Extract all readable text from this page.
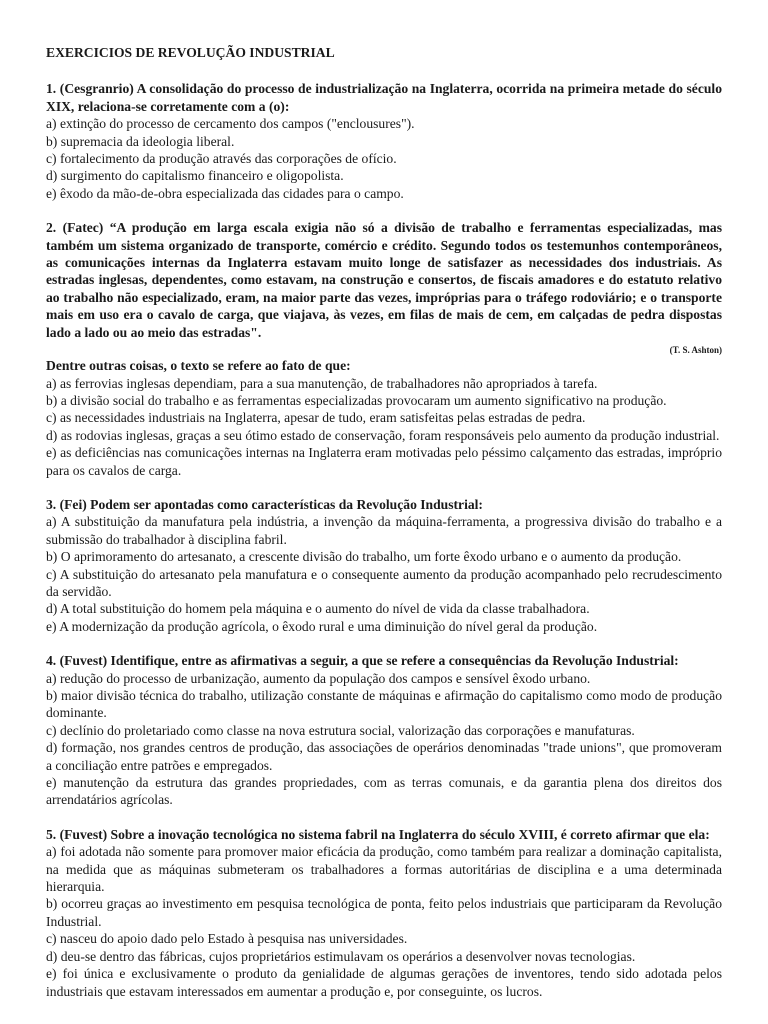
EXERCICIOS DE REVOLUÇÃO INDUSTRIAL
1. (Cesgranrio) A consolidação do processo de industrialização na Inglaterra, ocorrida na primeira metade do século XIX, relaciona-se corretamente com a (o):
a) extinção do processo de cercamento dos campos ("enclousures").
b) supremacia da ideologia liberal.
c) fortalecimento da produção através das corporações de ofício.
d) surgimento do capitalismo financeiro e oligopolista.
e) êxodo da mão-de-obra especializada das cidades para o campo.
2. (Fatec) “A produção em larga escala exigia não só a divisão de trabalho e ferramentas especializadas, mas também um sistema organizado de transporte, comércio e crédito. Segundo todos os testemunhos contemporâneos, as comunicações internas da Inglaterra estavam muito longe de satisfazer as necessidades dos industriais. As estradas inglesas, dependentes, como estavam, na construção e consertos, de fiscais amadores e do estatuto relativo ao trabalho não especializado, eram, na maior parte das vezes, impróprias para o tráfego rodoviário; e o transporte mais em uso era o cavalo de carga, que viajava, às vezes, em filas de mais de cem, em calçadas de pedra dispostas lado a lado ou ao meio das estradas".
(T. S. Ashton)
Dentre outras coisas, o texto se refere ao fato de que:
a) as ferrovias inglesas dependiam, para a sua manutenção, de trabalhadores não apropriados à tarefa.
b) a divisão social do trabalho e as ferramentas especializadas provocaram um aumento significativo na produção.
c) as necessidades industriais na Inglaterra, apesar de tudo, eram satisfeitas pelas estradas de pedra.
d) as rodovias inglesas, graças a seu ótimo estado de conservação, foram responsáveis pelo aumento da produção industrial.
e) as deficiências nas comunicações internas na Inglaterra eram motivadas pelo péssimo calçamento das estradas, impróprio para os cavalos de carga.
3. (Fei) Podem ser apontadas como características da Revolução Industrial:
a) A substituição da manufatura pela indústria, a invenção da máquina-ferramenta, a progressiva divisão do trabalho e a submissão do trabalhador à disciplina fabril.
b) O aprimoramento do artesanato, a crescente divisão do trabalho, um forte êxodo urbano e o aumento da produção.
c) A substituição do artesanato pela manufatura e o consequente aumento da produção acompanhado pelo recrudescimento da servidão.
d) A total substituição do homem pela máquina e o aumento do nível de vida da classe trabalhadora.
e) A modernização da produção agrícola, o êxodo rural e uma diminuição do nível geral da produção.
4. (Fuvest) Identifique, entre as afirmativas a seguir, a que se refere a consequências da Revolução Industrial:
a) redução do processo de urbanização, aumento da população dos campos e sensível êxodo urbano.
b) maior divisão técnica do trabalho, utilização constante de máquinas e afirmação do capitalismo como modo de produção dominante.
c) declínio do proletariado como classe na nova estrutura social, valorização das corporações e manufaturas.
d) formação, nos grandes centros de produção, das associações de operários denominadas "trade unions", que promoveram a conciliação entre patrões e empregados.
e) manutenção da estrutura das grandes propriedades, com as terras comunais, e da garantia plena dos direitos dos arrendatários agrícolas.
5. (Fuvest) Sobre a inovação tecnológica no sistema fabril na Inglaterra do século XVIII, é correto afirmar que ela:
a) foi adotada não somente para promover maior eficácia da produção, como também para realizar a dominação capitalista, na medida que as máquinas submeteram os trabalhadores a formas autoritárias de disciplina e a uma determinada hierarquia.
b) ocorreu graças ao investimento em pesquisa tecnológica de ponta, feito pelos industriais que participaram da Revolução Industrial.
c) nasceu do apoio dado pelo Estado à pesquisa nas universidades.
d) deu-se dentro das fábricas, cujos proprietários estimulavam os operários a desenvolver novas tecnologias.
e) foi única e exclusivamente o produto da genialidade de algumas gerações de inventores, tendo sido adotada pelos industriais que estavam interessados em aumentar a produção e, por conseguinte, os lucros.
